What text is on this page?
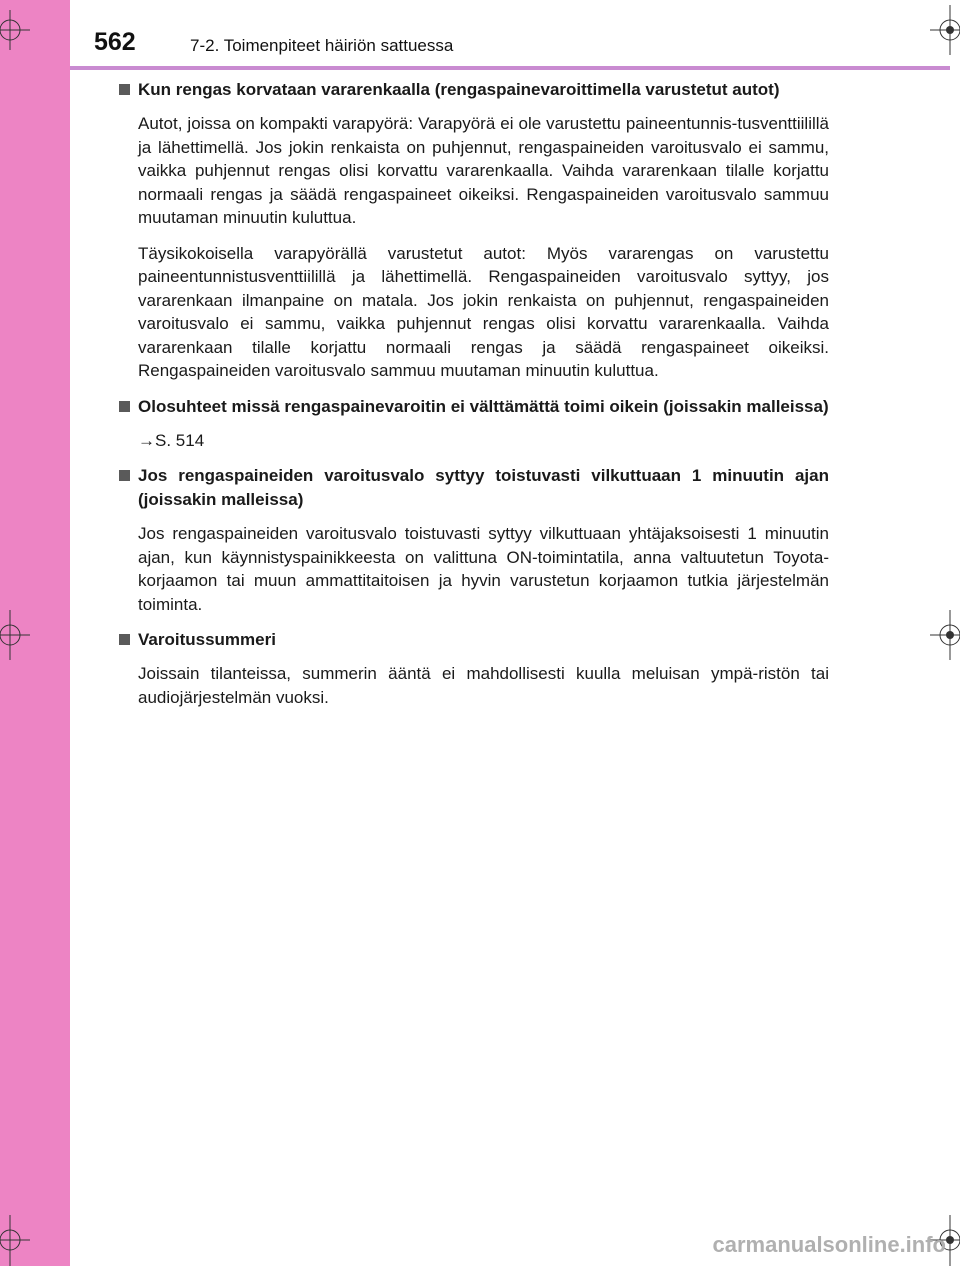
562	7-2. Toimenpiteet häiriön sattuessa
Kun rengas korvataan vararenkaalla (rengaspainevaroittimella varustetut autot)

Autot, joissa on kompakti varapyörä: Varapyörä ei ole varustettu paineentunnis-tusventtiilillä ja lähettimellä. Jos jokin renkaista on puhjennut, rengaspaineiden varoitusvalo ei sammu, vaikka puhjennut rengas olisi korvattu vararenkaalla. Vaihda vararenkaan tilalle korjattu normaali rengas ja säädä rengaspaineet oikeiksi. Rengaspaineiden varoitusvalo sammuu muutaman minuutin kuluttua.

Täysikokoisella varapyörällä varustetut autot: Myös vararengas on varustettu paineentunnistusventtiilillä ja lähettimellä. Rengaspaineiden varoitusvalo syttyy, jos vararenkaan ilmanpaine on matala. Jos jokin renkaista on puhjennut, rengaspaineiden varoitusvalo ei sammu, vaikka puhjennut rengas olisi korvattu vararenkaalla. Vaihda vararenkaan tilalle korjattu normaali rengas ja säädä rengaspaineet oikeiksi. Rengaspaineiden varoitusvalo sammuu muutaman minuutin kuluttua.

Olosuhteet missä rengaspainevaroitin ei välttämättä toimi oikein (joissakin malleissa)

→S. 514

Jos rengaspaineiden varoitusvalo syttyy toistuvasti vilkuttuaan 1 minuutin ajan (joissakin malleissa)

Jos rengaspaineiden varoitusvalo toistuvasti syttyy vilkuttuaan yhtäjaksoisesti 1 minuutin ajan, kun käynnistyspainikkeesta on valittuna ON-toimintatila, anna valtuutetun Toyota-korjaamon tai muun ammattitaitoisen ja hyvin varustetun korjaamon tutkia järjestelmän toiminta.

Varoitussummeri

Joissain tilanteissa, summerin ääntä ei mahdollisesti kuulla meluisan ympä-ristön tai audiojärjestelmän vuoksi.

carmanualsonline.info
